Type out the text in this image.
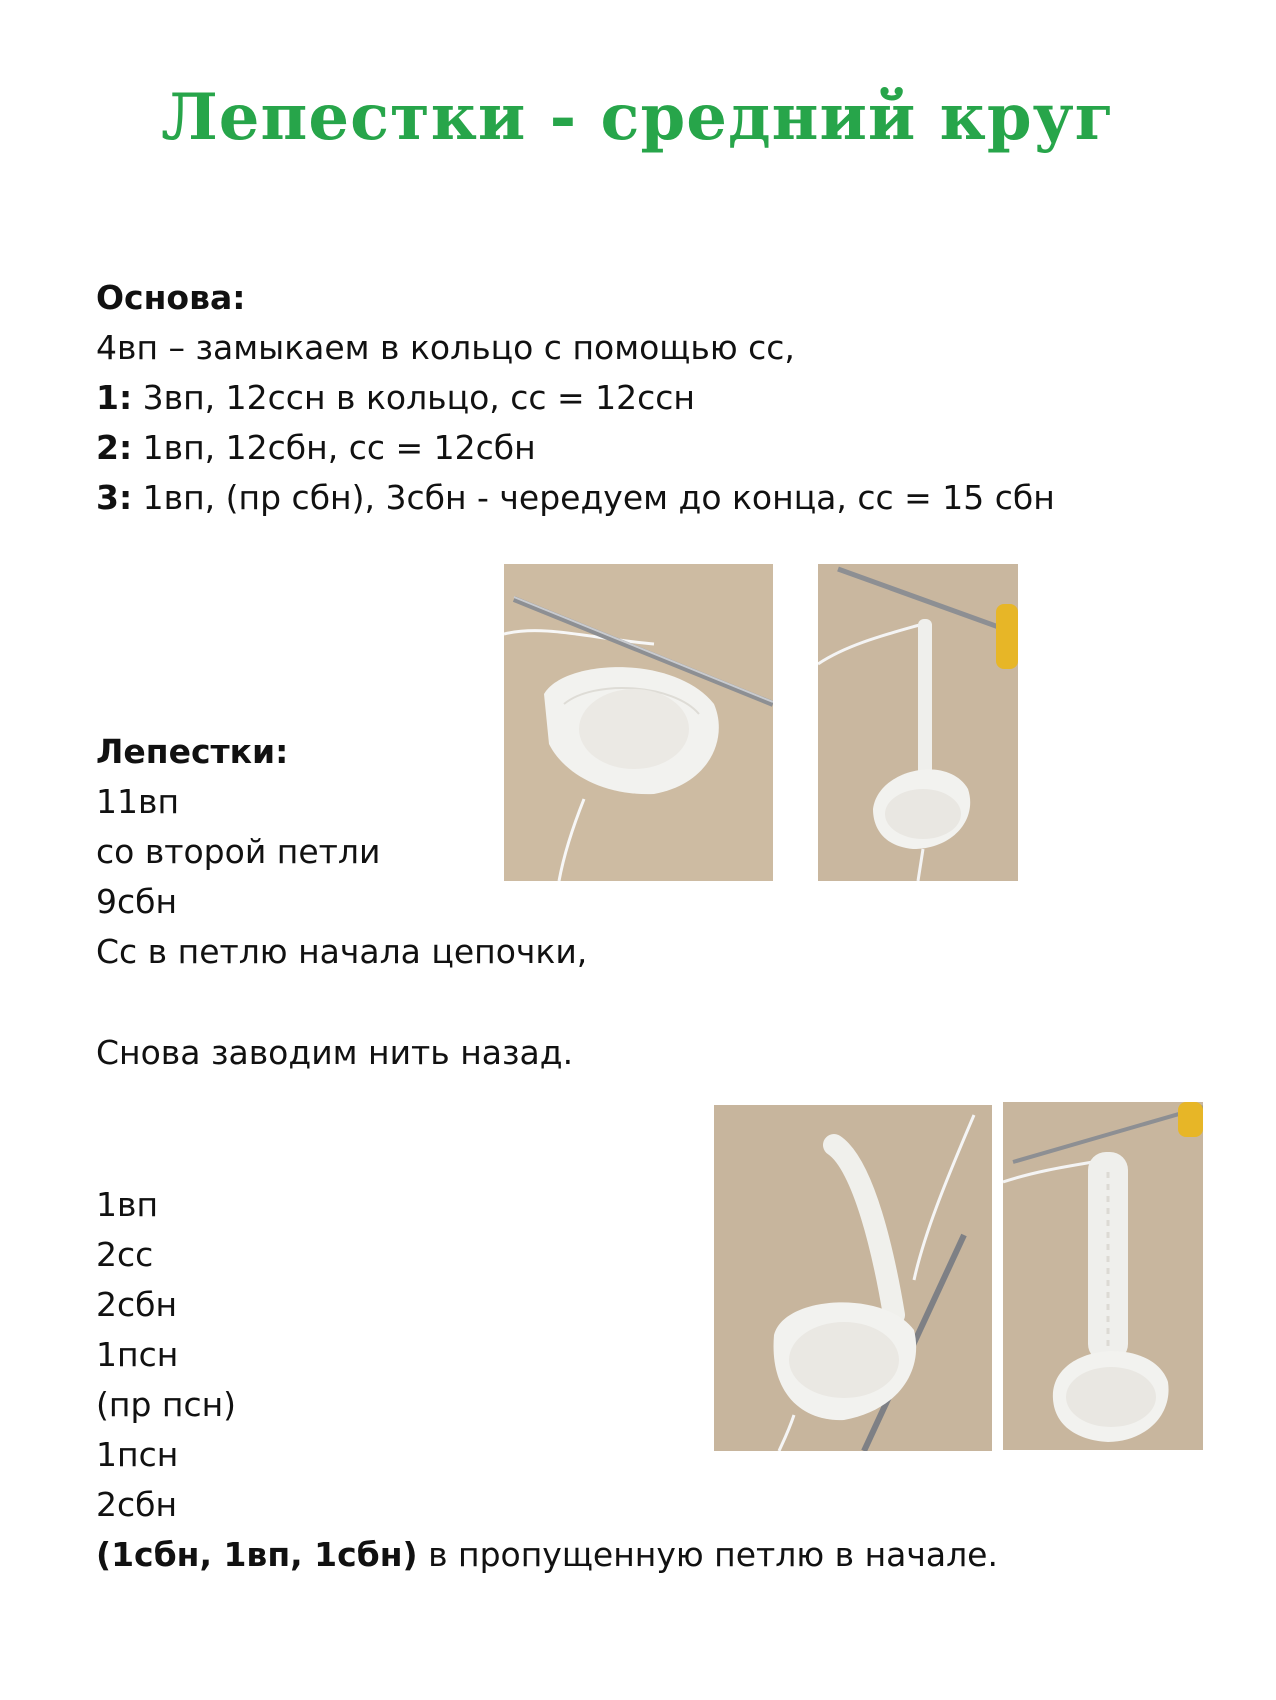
Лепестки - средний круг

Основа:

4вп – замыкаем в кольцо с помощью сс,

1: 3вп, 12ссн в кольцо, сс = 12ссн

2: 1вп, 12сбн, сс = 12сбн

3: 1вп, (пр сбн), 3сбн - чередуем до конца, сс = 15 сбн

Лепестки:

11вп

со второй петли

9сбн

Сс в петлю начала цепочки,

Снова заводим нить назад.

1вп

2сс

2сбн

1псн

(пр псн)

1псн

2сбн

(1сбн, 1вп, 1сбн) в пропущенную петлю в начале.
